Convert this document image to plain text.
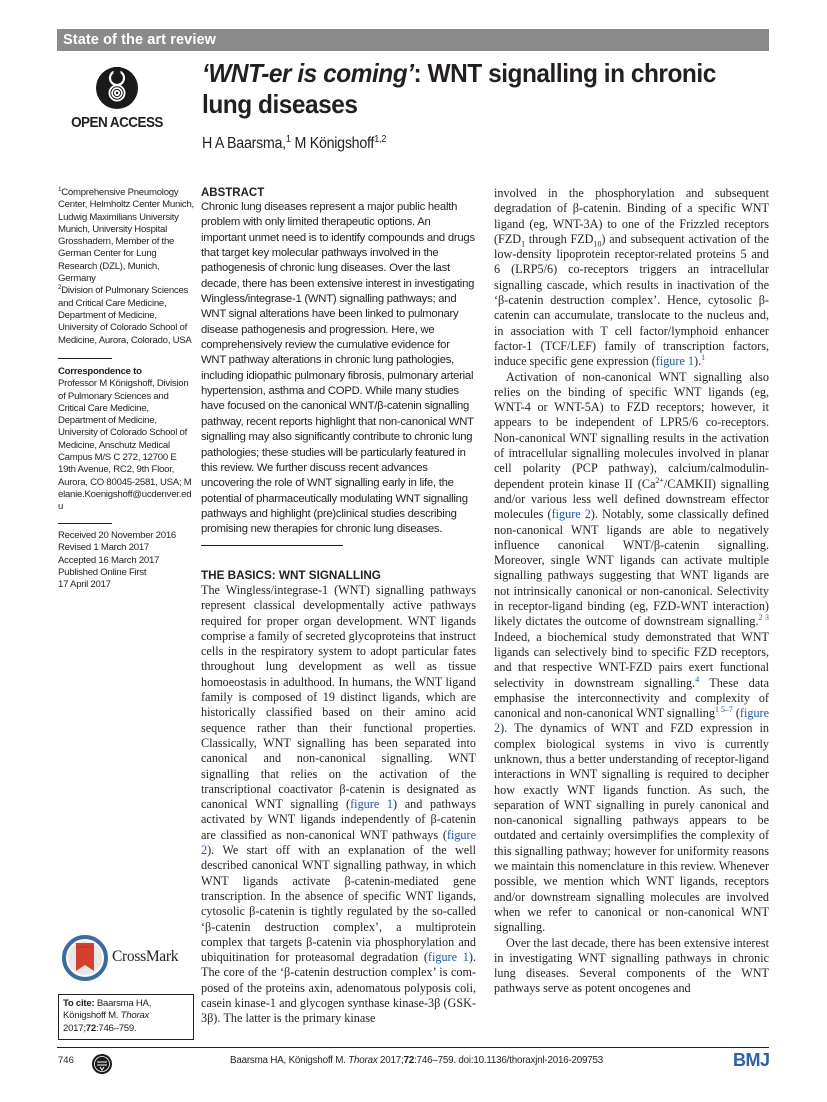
State of the art review
OPEN ACCESS
‘WNT-er is coming’: WNT signalling in chronic lung diseases
H A Baarsma,$^1$ M Königshoff$^{1,2}$
$^1$Comprehensive Pneumology Center, Helmholtz Center Munich, Ludwig Maximilians University Munich, University Hospital Grosshadern, Member of the German Center for Lung Research (DZL), Munich, Germany
$^2$Division of Pulmonary Sciences and Critical Care Medicine, Department of Medicine, University of Colorado School of Medicine, Aurora, Colorado, USA
Correspondence to
Professor M Königshoff, Division of Pulmonary Sciences and Critical Care Medicine, Department of Medicine, University of Colorado School of Medicine, Anschutz Medical Campus M/S C 272, 12700 E 19th Avenue, RC2, 9th Floor, Aurora, CO 80045-2581, USA; Melanie.Koenigshoff@ucdenver.edu
Received 20 November 2016
Revised 1 March 2017
Accepted 16 March 2017
Published Online First
17 April 2017
ABSTRACT

Chronic lung diseases represent a major public health problem with only limited therapeutic options. An important unmet need is to identify compounds and drugs that target key molecular pathways involved in the pathogenesis of chronic lung diseases. Over the last decade, there has been extensive interest in investigating Wingless/integrase-1 (WNT) signalling pathways; and WNT signal alterations have been linked to pulmonary disease pathogenesis and progression. Here, we comprehensively review the cumulative evidence for WNT pathway alterations in chronic lung pathologies, including idiopathic pulmonary fibrosis, pulmonary arterial hypertension, asthma and COPD. While many studies have focused on the canonical WNT/β-catenin signalling pathway, recent reports highlight that non-canonical WNT signalling may also significantly contribute to chronic lung pathologies; these studies will be particularly featured in this review. We further discuss recent advances uncovering the role of WNT signalling early in life, the potential of pharmaceutically modulating WNT signalling pathways and highlight (pre)clinical studies describing promising new therapies for chronic lung diseases.

THE BASICS: WNT SIGNALLING

The Wingless/integrase-1 (WNT) signalling pathways represent classical developmentally active pathways required for proper organ development. WNT ligands comprise a family of secreted glycoproteins that instruct cells in the respiratory system to adopt particular fates throughout lung development as well as tissue homoeostasis in adulthood. In humans, the WNT ligand family is composed of 19 distinct ligands, which are historically classified based on their amino acid sequence rather than their functional properties. Classically, WNT signalling has been separated into canonical and non-canonical signalling. WNT signalling that relies on the activation of the transcriptional coactivator β-catenin is designated as canonical WNT signalling (figure 1) and pathways activated by WNT ligands independently of β-catenin are classified as non-canonical WNT pathways (figure 2). We start off with an explanation of the well described canonical WNT signalling pathway, in which WNT ligands activate β-catenin-mediated gene transcription. In the absence of specific WNT ligands, cytosolic β-catenin is tightly regulated by the so-called ‘β-catenin destruction complex’, a multiprotein complex that targets β-catenin via phosphorylation and ubiquitination for proteasomal degradation (figure 1). The core of the ‘β-catenin destruction complex’ is composed of the proteins axin, adenomatous polyposis coli, casein kinase-1 and glycogen synthase kinase-3β (GSK-3β). The latter is the primary kinase

involved in the phosphorylation and subsequent degradation of β-catenin. Binding of a specific WNT ligand (eg, WNT-3A) to one of the Frizzled receptors ($FZD_1$ through $FZD_{10}$) and subsequent activation of the low-density lipoprotein receptor-related proteins 5 and 6 (LRP5/6) co-receptors triggers an intracellular signalling cascade, which results in inactivation of the ‘β-catenin destruction complex’. Hence, cytosolic β-catenin can accumulate, translocate to the nucleus and, in association with T cell factor/lymphoid enhancer factor-1 (TCF/LEF) family of transcription factors, induce specific gene expression (figure 1).$^1$

Activation of non-canonical WNT signalling also relies on the binding of specific WNT ligands (eg, WNT-4 or WNT-5A) to FZD receptors; however, it appears to be independent of LPR5/6 co-receptors. Non-canonical WNT signalling results in the activation of intracellular signalling molecules involved in planar cell polarity (PCP pathway), calcium/calmodulin-dependent protein kinase II $(Ca^{2+}/CAMKII)$ signalling and/or various less well defined downstream effector molecules (figure 2). Notably, some classically defined non-canonical WNT ligands are able to negatively influence canonical WNT/β-catenin signalling. Moreover, single WNT ligands can activate multiple signalling pathways suggesting that WNT ligands are not intrinsically canonical or non-canonical. Selectivity in receptor-ligand binding (eg, FZD-WNT interaction) likely dictates the outcome of downstream signalling.$^{2 3}$ Indeed, a biochemical study demonstrated that WNT ligands can selectively bind to specific FZD receptors, and that respective WNT-FZD pairs exert functional selectivity in downstream signalling.$^4$ These data emphasise the interconnectivity and complexity of canonical and non-canonical WNT signalling$^{1 5-7}$ (figure 2). The dynamics of WNT and FZD expression in complex biological systems in vivo is currently unknown, thus a better understanding of receptor-ligand interactions in WNT signalling is required to decipher how exactly WNT ligands function. As such, the separation of WNT signalling in purely canonical and non-canonical signalling pathways appears to be outdated and certainly oversimplifies the complexity of this signalling pathway; however for uniformity reasons we maintain this nomenclature in this review. Whenever possible, we mention which WNT ligands, receptors and/or downstream signalling molecules are involved when we refer to canonical or non-canonical WNT signalling.

Over the last decade, there has been extensive interest in investigating WNT signalling pathways in chronic lung diseases. Several components of the WNT pathways serve as potent oncogenes and

CrossMark
To cite: Baarsma HA, Königshoff M. Thorax
2017;72:746–759.
746	Baarsma HA, Königshoff M. Thorax 2017;72:746–759. doi:10.1136/thoraxjnl-2016-209753	BMJ
